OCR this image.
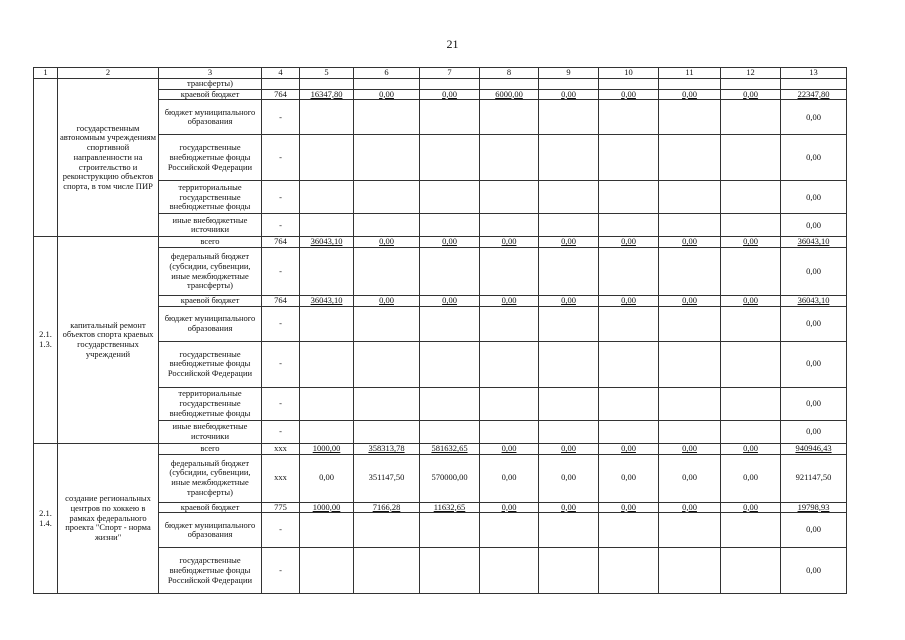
21
1	2	3	4	5	6	7	8	9	10	11	12	13
	государственным автономным учреждениям спортивной направленности на строительство и реконструкцию объектов спорта, в том числе ПИР	трансферты)										
		краевой бюджет	764	16347,80	0,00	0,00	6000,00	0,00	0,00	0,00	0,00	22347,80
		бюджет муниципального образования	-									0,00
		государственные внебюджетные фонды Российской Федерации	-									0,00
		территориальные государственные внебюджетные фонды	-									0,00
		иные внебюджетные источники	-									0,00
2.1. 1.3.	капитальный ремонт объектов спорта краевых государственных учреждений	всего	764	36043,10	0,00	0,00	0,00	0,00	0,00	0,00	0,00	36043,10
		федеральный бюджет (субсидии, субвенции, иные межбюджетные трансферты)	-									0,00
		краевой бюджет	764	36043,10	0,00	0,00	0,00	0,00	0,00	0,00	0,00	36043,10
		бюджет муниципального образования	-									0,00
		государственные внебюджетные фонды Российской Федерации	-									0,00
		территориальные государственные внебюджетные фонды	-									0,00
		иные внебюджетные источники	-									0,00
2.1. 1.4.	создание региональных центров по хоккею в рамках федерального проекта "Спорт - норма жизни"	всего	xxx	1000,00	358313,78	581632,65	0,00	0,00	0,00	0,00	0,00	940946,43
		федеральный бюджет (субсидии, субвенции, иные межбюджетные трансферты)	xxx	0,00	351147,50	570000,00	0,00	0,00	0,00	0,00	0,00	921147,50
		краевой бюджет	775	1000,00	7166,28	11632,65	0,00	0,00	0,00	0,00	0,00	19798,93
		бюджет муниципального образования	-									0,00
		государственные внебюджетные фонды Российской Федерации	-									0,00
